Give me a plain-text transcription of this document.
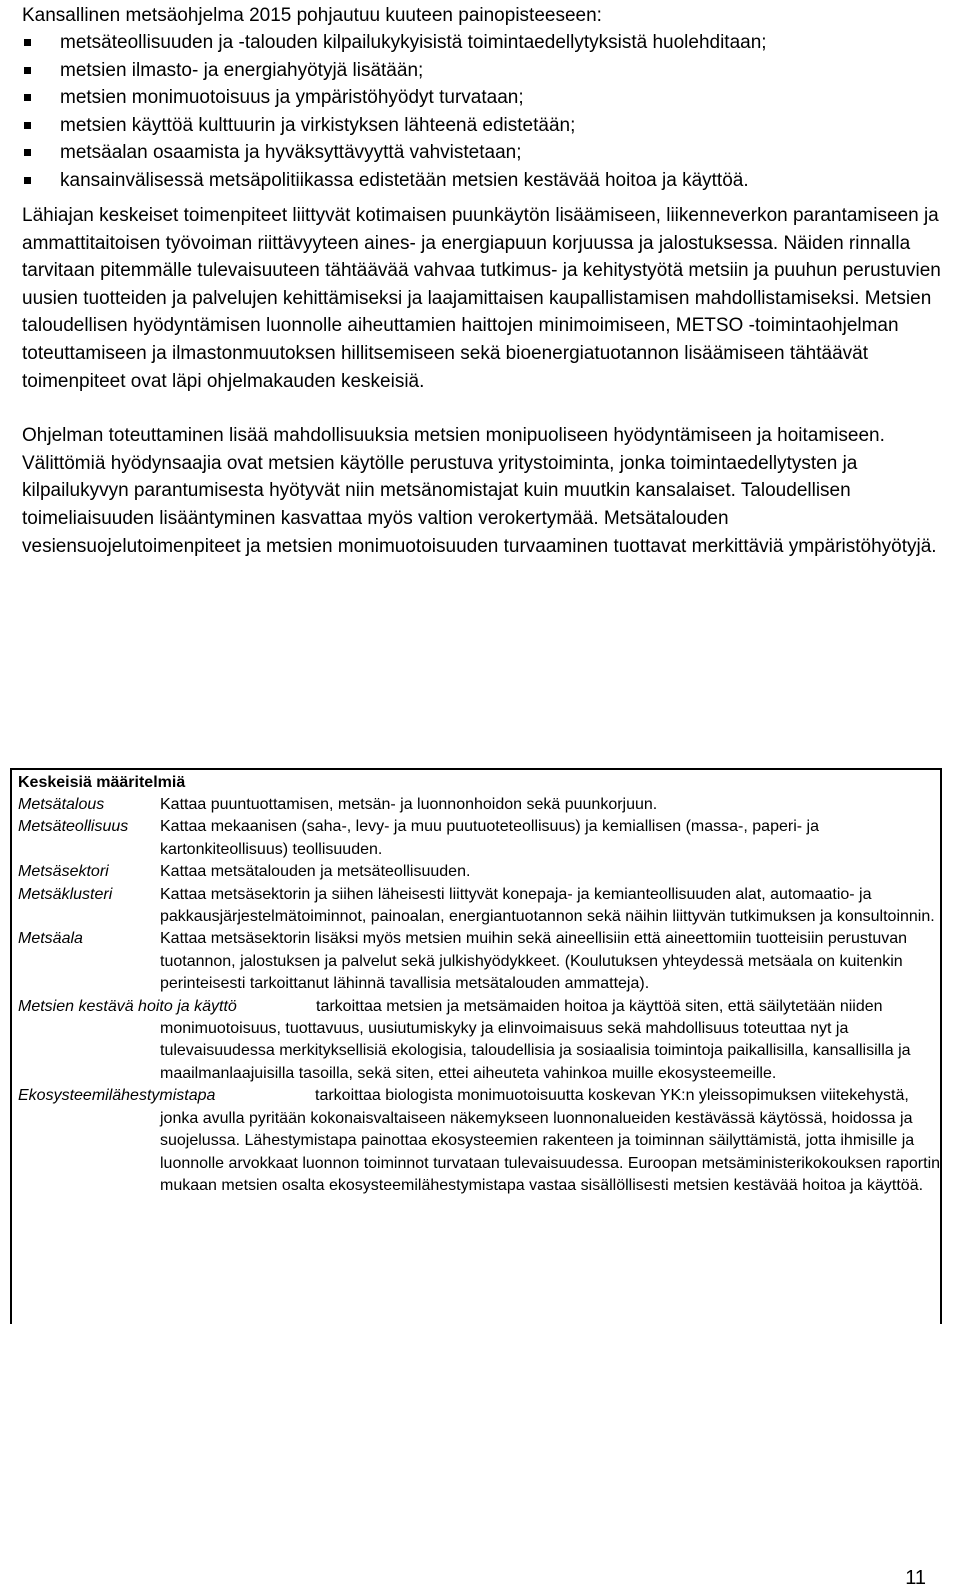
Kansallinen metsäohjelma 2015 pohjautuu kuuteen painopisteeseen:

metsäteollisuuden ja -talouden kilpailukykyisistä toimintaedellytyksistä huolehditaan;
metsien ilmasto- ja energiahyötyjä lisätään;
metsien monimuotoisuus ja ympäristöhyödyt turvataan;
metsien käyttöä kulttuurin ja virkistyksen lähteenä edistetään;
metsäalan osaamista ja hyväksyttävyyttä vahvistetaan;
kansainvälisessä metsäpolitiikassa edistetään metsien kestävää hoitoa ja käyttöä.

Lähiajan keskeiset toimenpiteet liittyvät kotimaisen puunkäytön lisäämiseen, liikenneverkon parantamiseen ja ammattitaitoisen työvoiman riittävyyteen aines- ja energiapuun korjuussa ja jalostuksessa. Näiden rinnalla tarvitaan pitemmälle tulevaisuuteen tähtäävää vahvaa tutkimus- ja kehitystyötä metsiin ja puuhun perustuvien uusien tuotteiden ja palvelujen kehittämiseksi ja laajamittaisen kaupallistamisen mahdollistamiseksi. Metsien taloudellisen hyödyntämisen luonnolle aiheuttamien haittojen minimoimiseen, METSO -toimintaohjelman toteuttamiseen ja ilmastonmuutoksen hillitsemiseen sekä bioenergiatuotannon lisäämiseen tähtäävät toimenpiteet ovat läpi ohjelmakauden keskeisiä.

Ohjelman toteuttaminen lisää mahdollisuuksia metsien monipuoliseen hyödyntämiseen ja hoitamiseen. Välittömiä hyödynsaajia ovat metsien käytölle perustuva yritystoiminta, jonka toimintaedellytysten ja kilpailukyvyn parantumisesta hyötyvät niin metsänomistajat kuin muutkin kansalaiset. Taloudellisen toimeliaisuuden lisääntyminen kasvattaa myös valtion verokertymää. Metsätalouden vesiensuojelutoimenpiteet ja metsien monimuotoisuuden turvaaminen tuottavat merkittäviä ympäristöhyötyjä.

Keskeisiä määritelmiä
Metsätalous	Kattaa puuntuottamisen, metsän- ja luonnonhoidon sekä puunkorjuun.
Metsäteollisuus Kattaa mekaanisen (saha-, levy- ja muu puutuoteteollisuus) ja kemiallisen (massa-, paperi- ja kartonkiteollisuus) teollisuuden.
Metsäsektori	Kattaa metsätalouden ja metsäteollisuuden.
Metsäklusteri	Kattaa metsäsektorin ja siihen läheisesti liittyvät konepaja- ja kemianteollisuuden alat, automaatio- ja pakkausjärjestelmätoiminnot, painoalan, energiantuotannon sekä näihin liittyvän tutkimuksen ja konsultoinnin.
Metsäala	Kattaa metsäsektorin lisäksi myös metsien muihin sekä aineellisiin että aineettomiin tuotteisiin perustuvan tuotannon, jalostuksen ja palvelut sekä julkishyödykkeet. (Koulutuksen yhteydessä metsäala on kuitenkin perinteisesti tarkoittanut lähinnä tavallisia metsätalouden ammatteja).
Metsien kestävä hoito ja käyttö	tarkoittaa metsien ja metsämaiden hoitoa ja käyttöä siten, että säilytetään niiden monimuotoisuus, tuottavuus, uusiutumiskyky ja elinvoimaisuus sekä mahdollisuus toteuttaa nyt ja tulevaisuudessa merkityksellisiä ekologisia, taloudellisia ja sosiaalisia toimintoja paikallisilla, kansallisilla ja maailmanlaajuisilla tasoilla, sekä siten, ettei aiheuteta vahinkoa muille ekosysteemeille.
Ekosysteemilähestymistapa	tarkoittaa biologista monimuotoisuutta koskevan YK:n yleissopimuksen viitekehystä, jonka avulla pyritään kokonaisvaltaiseen näkemykseen luonnonalueiden kestävässä käytössä, hoidossa ja suojelussa. Lähestymistapa painottaa ekosysteemien rakenteen ja toiminnan säilyttämistä, jotta ihmisille ja luonnolle arvokkaat luonnon toiminnot turvataan tulevaisuudessa. Euroopan metsäministerikokouksen raportin mukaan metsien osalta ekosysteemilähestymistapa vastaa sisällöllisesti metsien kestävää hoitoa ja käyttöä.
11
